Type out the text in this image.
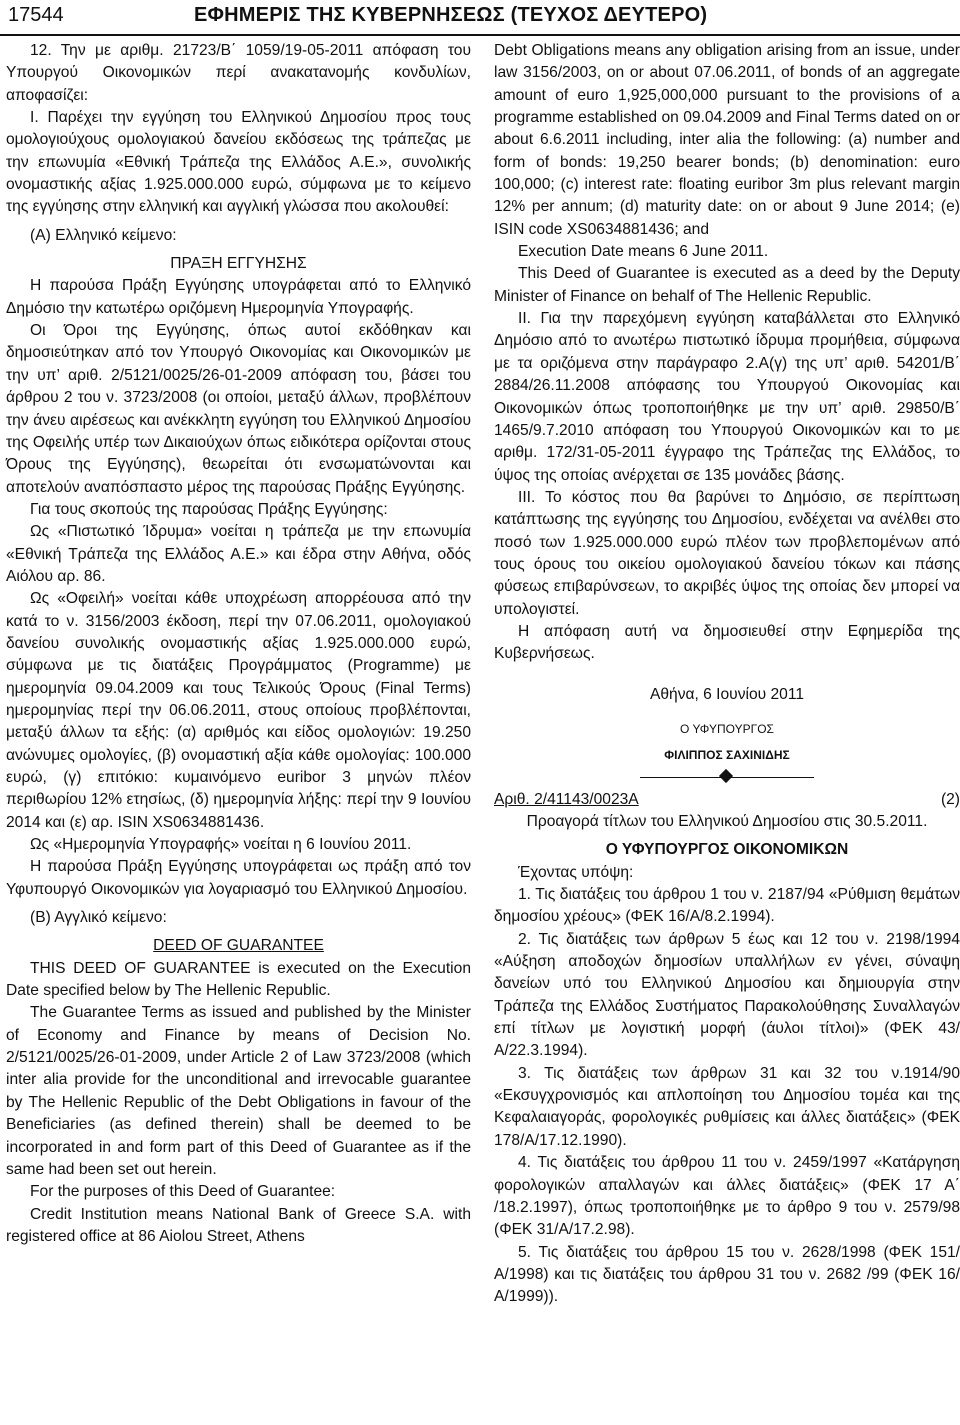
17544	ΕΦΗΜΕΡΙΣ ΤΗΣ ΚΥΒΕΡΝΗΣΕΩΣ (ΤΕΥΧΟΣ ΔΕΥΤΕΡΟ)

12. Την με αριθμ. 21723/Β΄ 1059/19-05-2011 απόφαση του Υπουργού Οικονομικών περί ανακατανομής κονδυλίων, αποφασίζει:

Ι. Παρέχει την εγγύηση του Ελληνικού Δημοσίου προς τους ομολογιούχους ομολογιακού δανείου εκδόσεως της τράπεζας με την επωνυμία «Εθνική Τράπεζα της Ελλάδος Α.Ε.», συνολικής ονομαστικής αξίας 1.925.000.000 ευρώ, σύμφωνα με το κείμενο της εγγύησης στην ελληνική και αγγλική γλώσσα που ακολουθεί:

(Α) Ελληνικό κείμενο:

ΠΡΑΞΗ ΕΓΓΥΗΣΗΣ

Η παρούσα Πράξη Εγγύησης υπογράφεται από το Ελληνικό Δημόσιο την κατωτέρω οριζόμενη Ημερομηνία Υπογραφής.

Οι Όροι της Εγγύησης, όπως αυτοί εκδόθηκαν και δημοσιεύτηκαν από τον Υπουργό Οικονομίας και Οικονομικών με την υπ’ αριθ. 2/5121/0025/26-01-2009 απόφαση του, βάσει του άρθρου 2 του ν. 3723/2008 (οι οποίοι, μεταξύ άλλων, προβλέπουν την άνευ αιρέσεως και ανέκκλητη εγγύηση του Ελληνικού Δημοσίου της Οφειλής υπέρ των Δικαιούχων όπως ειδικότερα ορίζονται στους Όρους της Εγγύησης), θεωρείται ότι ενσωματώνονται και αποτελούν αναπόσπαστο μέρος της παρούσας Πράξης Εγγύησης.

Για τους σκοπούς της παρούσας Πράξης Εγγύησης:

Ως «Πιστωτικό Ίδρυμα» νοείται η τράπεζα με την επωνυμία «Εθνική Τράπεζα της Ελλάδος Α.Ε.» και έδρα στην Αθήνα, οδός Αιόλου αρ. 86.

Ως «Οφειλή» νοείται κάθε υποχρέωση απορρέουσα από την κατά το ν. 3156/2003 έκδοση, περί την 07.06.2011, ομολογιακού δανείου συνολικής ονομαστικής αξίας 1.925.000.000 ευρώ, σύμφωνα με τις διατάξεις Προγράμματος (Programme) με ημερομηνία 09.04.2009 και τους Τελικούς Όρους (Final Terms) ημερομηνίας περί την 06.06.2011, στους οποίους προβλέπονται, μεταξύ άλλων τα εξής: (α) αριθμός και είδος ομολογιών: 19.250 ανώνυμες ομολογίες, (β) ονομαστική αξία κάθε ομολογίας: 100.000 ευρώ, (γ) επιτόκιο: κυμαινόμενο euribor 3 μηνών πλέον περιθωρίου 12% ετησίως, (δ) ημερομηνία λήξης: περί την 9 Ιουνίου 2014 και (ε) αρ. ISIN XS0634881436.

Ως «Ημερομηνία Υπογραφής» νοείται η 6 Ιουνίου 2011.

Η παρούσα Πράξη Εγγύησης υπογράφεται ως πράξη από τον Υφυπουργό Οικονομικών για λογαριασμό του Ελληνικού Δημοσίου.

(Β) Αγγλικό κείμενο:

DEED OF GUARANTEE

THIS DEED OF GUARANTEE is executed on the Execution Date specified below by The Hellenic Republic.

The Guarantee Terms as issued and published by the Minister of Economy and Finance by means of Decision No. 2/5121/0025/26-01-2009, under Article 2 of Law 3723/2008 (which inter alia provide for the unconditional and irrevocable guarantee by The Hellenic Republic of the Debt Obligations in favour of the Beneficiaries (as defined therein) shall be deemed to be incorporated in and form part of this Deed of Guarantee as if the same had been set out herein.

For the purposes of this Deed of Guarantee:

Credit Institution means National Bank of Greece S.A. with registered office at 86 Aiolou Street, Athens

Debt Obligations means any obligation arising from an issue, under law 3156/2003, on or about 07.06.2011, of bonds of an aggregate amount of euro 1,925,000,000 pursuant to the provisions of a programme established on 09.04.2009 and Final Terms dated on or about 6.6.2011 including, inter alia the following: (a) number and form of bonds: 19,250 bearer bonds; (b) denomination: euro 100,000; (c) interest rate: floating euribor 3m plus relevant margin 12% per annum; (d) maturity date: on or about 9 June 2014; (e) ISIN code XS0634881436; and

Execution Date means 6 June 2011.

This Deed of Guarantee is executed as a deed by the Deputy Minister of Finance on behalf of The Hellenic Republic.

ΙΙ. Για την παρεχόμενη εγγύηση καταβάλλεται στο Ελληνικό Δημόσιο από το ανωτέρω πιστωτικό ίδρυμα προμήθεια, σύμφωνα με τα οριζόμενα στην παράγραφο 2.Α(γ) της υπ’ αριθ. 54201/Β΄ 2884/26.11.2008 απόφασης του Υπουργού Οικονομίας και Οικονομικών όπως τροποποιήθηκε με την υπ’ αριθ. 29850/Β΄ 1465/9.7.2010 απόφαση του Υπουργού Οικονομικών και το με αριθμ. 172/31-05-2011 έγγραφο της Τράπεζας της Ελλάδος, το ύψος της οποίας ανέρχεται σε 135 μονάδες βάσης.

ΙΙΙ. Το κόστος που θα βαρύνει το Δημόσιο, σε περίπτωση κατάπτωσης της εγγύησης του Δημοσίου, ενδέχεται να ανέλθει στο ποσό των 1.925.000.000 ευρώ πλέον των προβλεπομένων από τους όρους του οικείου ομολογιακού δανείου τόκων και πάσης φύσεως επιβαρύνσεων, το ακριβές ύψος της οποίας δεν μπορεί να υπολογιστεί.

Η απόφαση αυτή να δημοσιευθεί στην Εφημερίδα της Κυβερνήσεως.

Αθήνα, 6 Ιουνίου 2011

Ο ΥΦΥΠΟΥΡΓΟΣ

ΦΙΛΙΠΠΟΣ ΣΑΧΙΝΙΔΗΣ

Αριθ. 2/41143/0023Α	(2)

Προαγορά τίτλων του Ελληνικού Δημοσίου στις 30.5.2011.

Ο ΥΦΥΠΟΥΡΓΟΣ ΟΙΚΟΝΟΜΙΚΩΝ

Έχοντας υπόψη:

1. Τις διατάξεις του άρθρου 1 του ν. 2187/94 «Ρύθμιση θεμάτων δημοσίου χρέους» (ΦΕΚ 16/Α/8.2.1994).

2. Τις διατάξεις των άρθρων 5 έως και 12 του ν. 2198/1994 «Αύξηση αποδοχών δημοσίων υπαλλήλων εν γένει, σύναψη δανείων υπό του Ελληνικού Δημοσίου και δημιουργία στην Τράπεζα της Ελλάδος Συστήματος Παρακολούθησης Συναλλαγών επί τίτλων με λογιστική μορφή (άυλοι τίτλοι)» (ΦΕΚ 43/Α/22.3.1994).

3. Τις διατάξεις των άρθρων 31 και 32 του ν.1914/90 «Εκσυγχρονισμός και απλοποίηση του Δημοσίου τομέα και της Κεφαλαιαγοράς, φορολογικές ρυθμίσεις και άλλες διατάξεις» (ΦΕΚ 178/Α/17.12.1990).

4. Τις διατάξεις του άρθρου 11 του ν. 2459/1997 «Κατάργηση φορολογικών απαλλαγών και άλλες διατάξεις» (ΦΕΚ 17 Α΄ /18.2.1997), όπως τροποποιήθηκε με το άρθρο 9 του ν. 2579/98 (ΦΕΚ 31/Α/17.2.98).

5. Τις διατάξεις του άρθρου 15 του ν. 2628/1998 (ΦΕΚ 151/Α/1998) και τις διατάξεις του άρθρου 31 του ν. 2682 /99 (ΦΕΚ 16/Α/1999)).
